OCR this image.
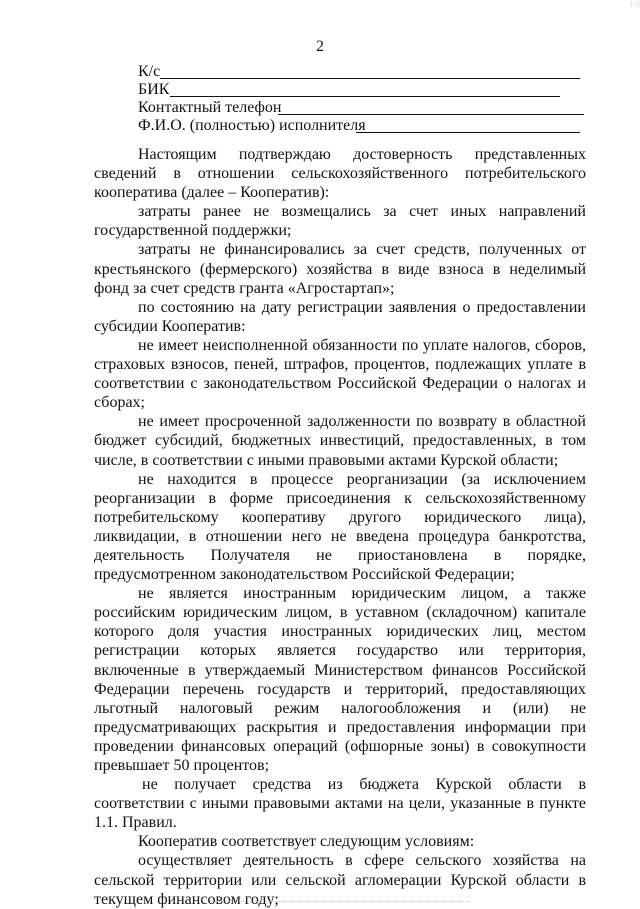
1-5
2
К/с
БИК
Контактный телефон
Ф.И.О. (полностью) исполнителя

Настоящим подтверждаю достоверность представленных сведений в отношении сельскохозяйственного потребительского кооператива (далее – Кооператив):

затраты ранее не возмещались за счет иных направлений государственной поддержки;

затраты не финансировались за счет средств, полученных от крестьянского (фермерского) хозяйства в виде взноса в неделимый фонд за счет средств гранта «Агростартап»;

по состоянию на дату регистрации заявления о предоставлении субсидии Кооператив:

не имеет неисполненной обязанности по уплате налогов, сборов, страховых взносов, пеней, штрафов, процентов, подлежащих уплате в соответствии с законодательством Российской Федерации о налогах и сборах;

не имеет просроченной задолженности по возврату в областной бюджет субсидий, бюджетных инвестиций, предоставленных, в том числе, в соответствии с иными правовыми актами Курской области;

не находится в процессе реорганизации (за исключением реорганизации в форме присоединения к сельскохозяйственному потребительскому кооперативу другого юридического лица), ликвидации, в отношении него не введена процедура банкротства, деятельность Получателя не приостановлена в порядке, предусмотренном законодательством Российской Федерации;

не является иностранным юридическим лицом, а также российским юридическим лицом, в уставном (складочном) капитале которого доля участия иностранных юридических лиц, местом регистрации которых является государство или территория, включенные в утверждаемый Министерством финансов Российской Федерации перечень государств и территорий, предоставляющих льготный налоговый режим налогообложения и (или) не предусматривающих раскрытия и предоставления информации при проведении финансовых операций (офшорные зоны) в совокупности превышает 50 процентов;

не получает средства из бюджета Курской области в соответствии с иными правовыми актами на цели, указанные в пункте 1.1. Правил.

Кооператив соответствует следующим условиям:

осуществляет деятельность в сфере сельского хозяйства на сельской территории или сельской агломерации Курской области в текущем финансовом году;
